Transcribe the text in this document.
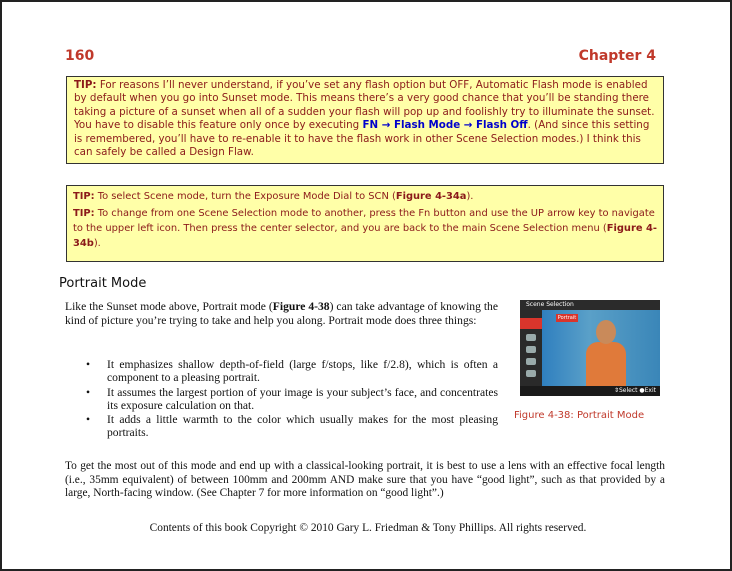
160	Chapter 4
TIP: For reasons I’ll never understand, if you’ve set any flash option but OFF, Automatic Flash mode is enabled by default when you go into Sunset mode. This means there’s a very good chance that you’ll be standing there taking a picture of a sunset when all of a sudden your flash will pop up and foolishly try to illuminate the sunset. You have to disable this feature only once by executing FN → Flash Mode → Flash Off. (And since this setting is remembered, you’ll have to re-enable it to have the flash work in other Scene Selection modes.) I think this can safely be called a Design Flaw.

TIP: To select Scene mode, turn the Exposure Mode Dial to SCN (Figure 4-34a).

TIP: To change from one Scene Selection mode to another, press the Fn button and use the UP arrow key to navigate to the upper left icon. Then press the center selector, and you are back to the main Scene Selection menu (Figure 4-34b).

Portrait Mode
Like the Sunset mode above, Portrait mode (Figure 4-38) can take advantage of knowing the kind of picture you’re trying to take and help you along. Portrait mode does three things:
• It emphasizes shallow depth-of-field (large f/stops, like f/2.8), which is often a component to a pleasing portrait.
• It assumes the largest portion of your image is your subject’s face, and concentrates its exposure calculation on that.
• It adds a little warmth to the color which usually makes for the most pleasing portraits.
Scene Selection
Portrait
⇕Select ●Exit
Figure 4-38: Portrait Mode
To get the most out of this mode and end up with a classical-looking portrait, it is best to use a lens with an effective focal length (i.e., 35mm equivalent) of between 100mm and 200mm AND make sure that you have “good light”, such as that provided by a large, North-facing window. (See Chapter 7 for more information on “good light”.)
Contents of this book Copyright © 2010 Gary L. Friedman & Tony Phillips. All rights reserved.
